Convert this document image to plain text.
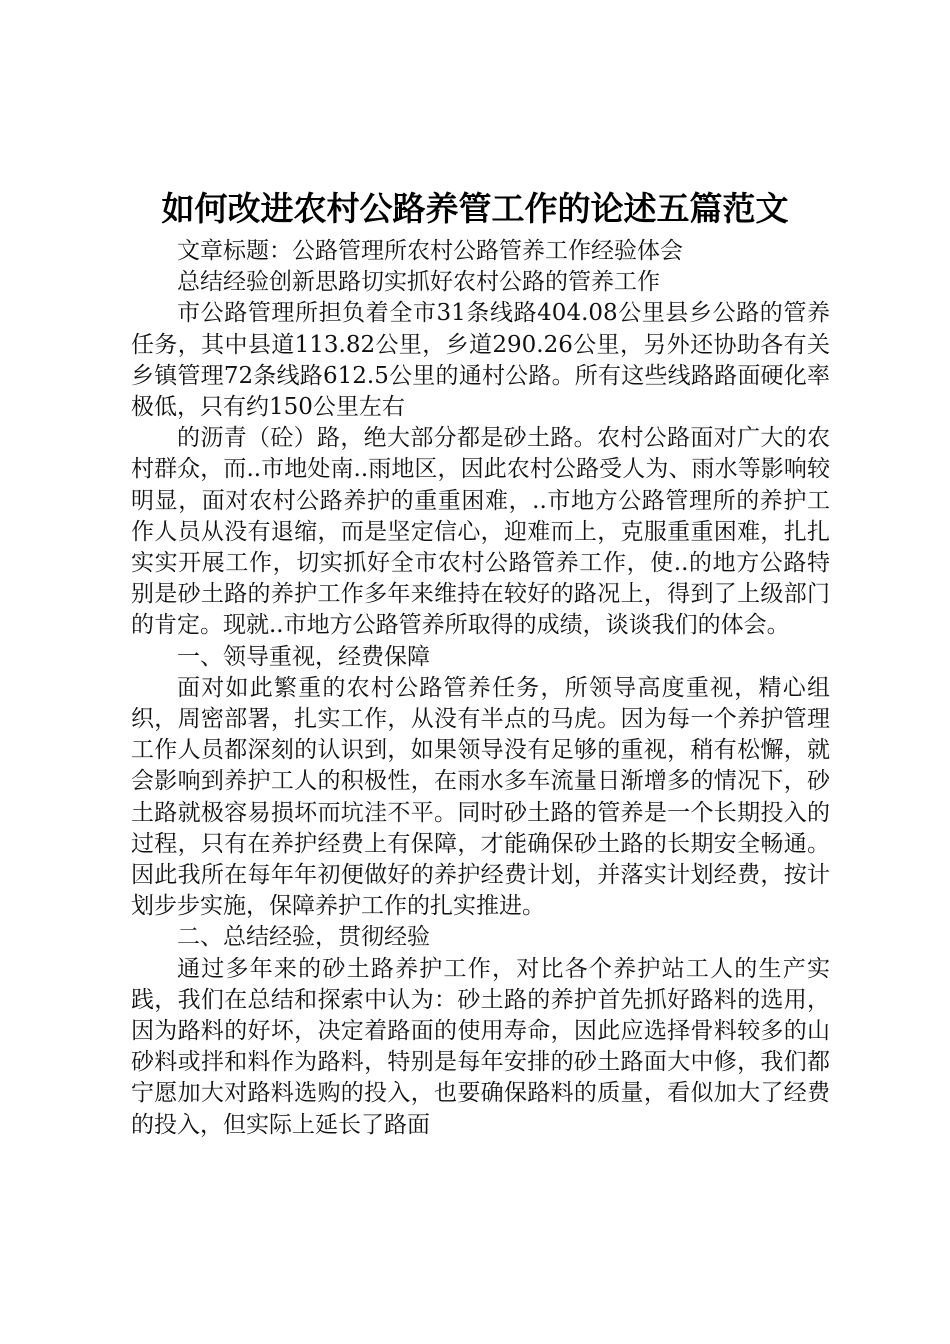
如何改进农村公路养管工作的论述五篇范文

文章标题：公路管理所农村公路管养工作经验体会

总结经验创新思路切实抓好农村公路的管养工作

市公路管理所担负着全市31条线路404.08公里县乡公路的管养任务，其中县道113.82公里，乡道290.26公里，另外还协助各有关乡镇管理72条线路612.5公里的通村公路。所有这些线路路面硬化率极低，只有约150公里左右

的沥青（砼）路，绝大部分都是砂土路。农村公路面对广大的农村群众，而..市地处南..雨地区，因此农村公路受人为、雨水等影响较明显，面对农村公路养护的重重困难，..市地方公路管理所的养护工作人员从没有退缩，而是坚定信心，迎难而上，克服重重困难，扎扎实实开展工作，切实抓好全市农村公路管养工作，使..的地方公路特别是砂土路的养护工作多年来维持在较好的路况上，得到了上级部门的肯定。现就..市地方公路管养所取得的成绩，谈谈我们的体会。

一、领导重视，经费保障

面对如此繁重的农村公路管养任务，所领导高度重视，精心组织，周密部署，扎实工作，从没有半点的马虎。因为每一个养护管理工作人员都深刻的认识到，如果领导没有足够的重视，稍有松懈，就会影响到养护工人的积极性，在雨水多车流量日渐增多的情况下，砂土路就极容易损坏而坑洼不平。同时砂土路的管养是一个长期投入的过程，只有在养护经费上有保障，才能确保砂土路的长期安全畅通。因此我所在每年年初便做好的养护经费计划，并落实计划经费，按计划步步实施，保障养护工作的扎实推进。

二、总结经验，贯彻经验

通过多年来的砂土路养护工作，对比各个养护站工人的生产实践，我们在总结和探索中认为：砂土路的养护首先抓好路料的选用，因为路料的好坏，决定着路面的使用寿命，因此应选择骨料较多的山砂料或拌和料作为路料，特别是每年安排的砂土路面大中修，我们都宁愿加大对路料选购的投入，也要确保路料的质量，看似加大了经费的投入，但实际上延长了路面
